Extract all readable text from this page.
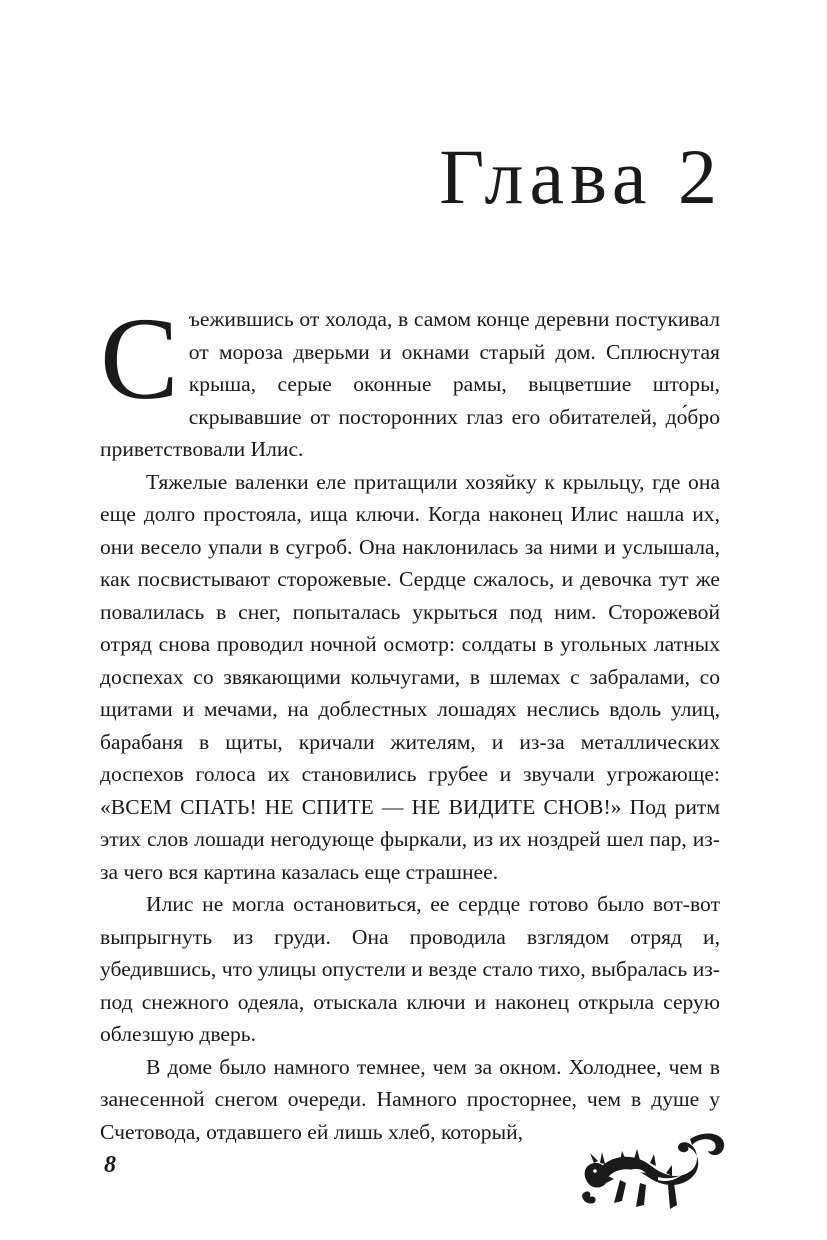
Глава 2

Съежившись от холода, в самом конце деревни постукивал от мороза дверьми и окнами старый дом. Сплюснутая крыша, серые оконные рамы, выцветшие шторы, скрывавшие от посторонних глаз его обитателей, до́бро приветствовали Илис.

Тяжелые валенки еле притащили хозяйку к крыльцу, где она еще долго простояла, ища ключи. Когда наконец Илис нашла их, они весело упали в сугроб. Она наклонилась за ними и услышала, как посвистывают сторожевые. Сердце сжалось, и девочка тут же повалилась в снег, попыталась укрыться под ним. Сторожевой отряд снова проводил ночной осмотр: солдаты в угольных латных доспехах со звякающими кольчугами, в шлемах с забралами, со щитами и мечами, на доблестных лошадях неслись вдоль улиц, барабаня в щиты, кричали жителям, и из-за металлических доспехов голоса их становились грубее и звучали угрожающе: «ВСЕМ СПАТЬ! НЕ СПИТЕ — НЕ ВИДИТЕ СНОВ!» Под ритм этих слов лошади негодующе фыркали, из их ноздрей шел пар, из-за чего вся картина казалась еще страшнее.

Илис не могла остановиться, ее сердце готово было вот-вот выпрыгнуть из груди. Она проводила взглядом отряд и, убедившись, что улицы опустели и везде стало тихо, выбралась из-под снежного одеяла, отыскала ключи и наконец открыла серую облезшую дверь.

В доме было намного темнее, чем за окном. Холоднее, чем в занесенной снегом очереди. Намного просторнее, чем в душе у Счетовода, отдавшего ей лишь хлеб, который,

8
